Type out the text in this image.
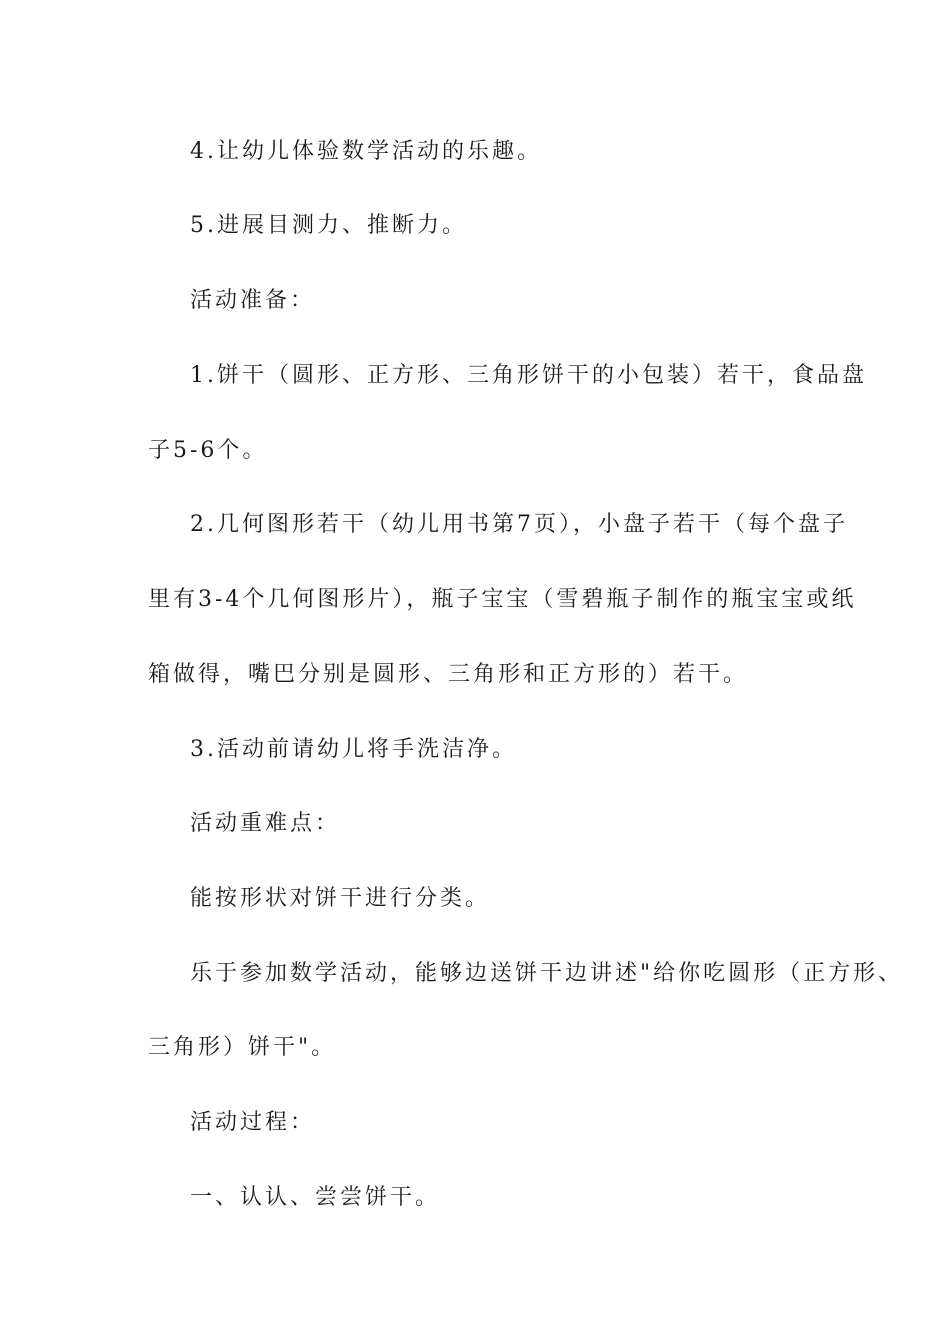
4.让幼儿体验数学活动的乐趣。
5.进展目测力、推断力。
活动准备：
1.饼干（圆形、正方形、三角形饼干的小包装）若干，食品盘
子5-6个。
2.几何图形若干（幼儿用书第7页），小盘子若干（每个盘子
里有3-4个几何图形片），瓶子宝宝（雪碧瓶子制作的瓶宝宝或纸
箱做得，嘴巴分别是圆形、三角形和正方形的）若干。
3.活动前请幼儿将手洗洁净。
活动重难点：
能按形状对饼干进行分类。
乐于参加数学活动，能够边送饼干边讲述"给你吃圆形（正方形、
三角形）饼干"。
活动过程：
一、认认、尝尝饼干。
